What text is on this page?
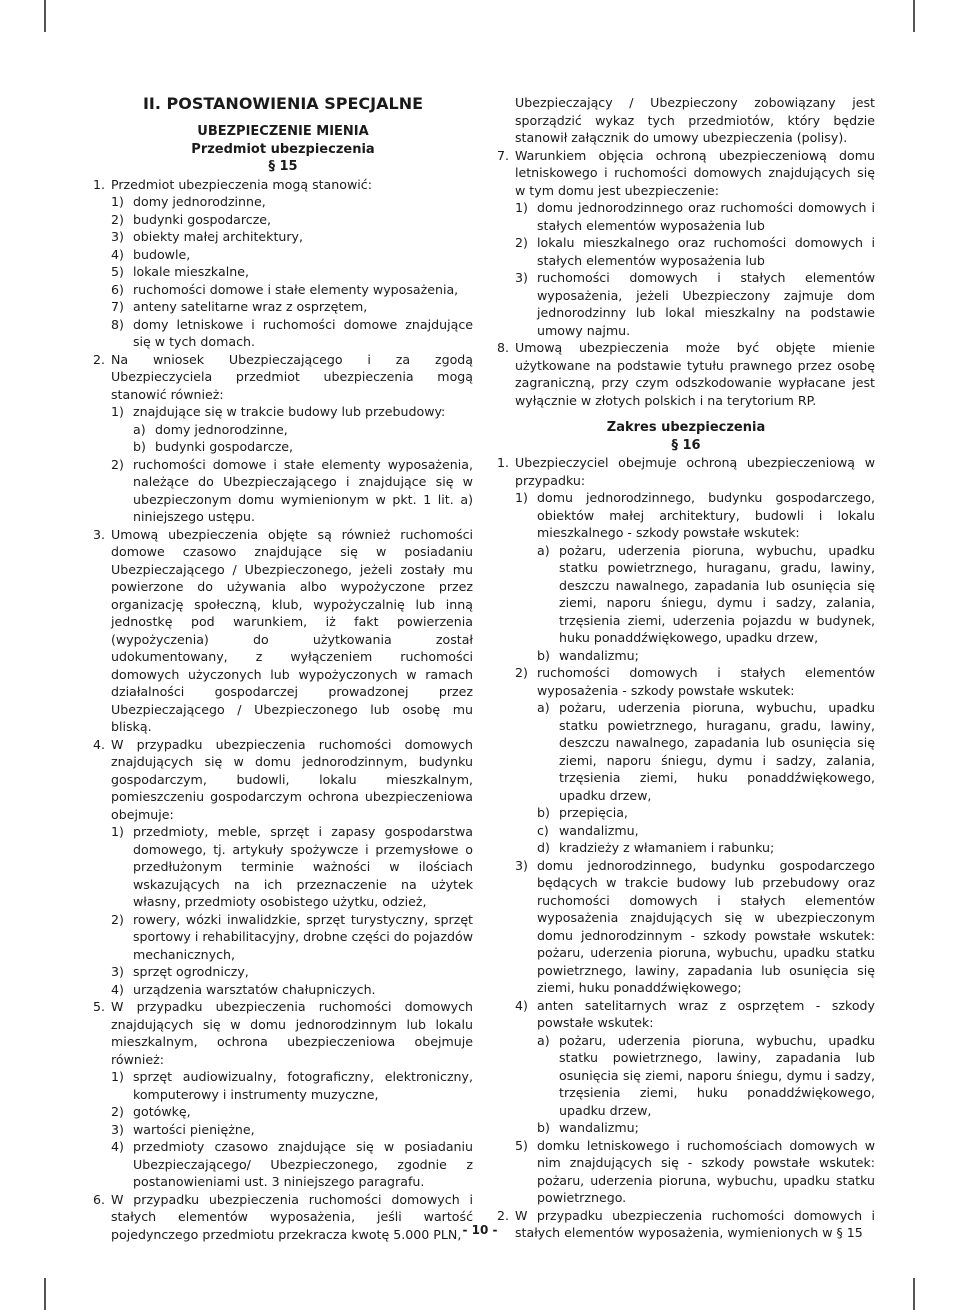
II. POSTANOWIENIA SPECJALNE
UBEZPIECZENIE MIENIA
Przedmiot ubezpieczenia
§ 15
1. Przedmiot ubezpieczenia mogą stanowić:
1) domy jednorodzinne,
2) budynki gospodarcze,
3) obiekty małej architektury,
4) budowle,
5) lokale mieszkalne,
6) ruchomości domowe i stałe elementy wyposażenia,
7) anteny satelitarne wraz z osprzętem,
8) domy letniskowe i ruchomości domowe znajdujące się w tych domach.
2. Na wniosek Ubezpieczającego i za zgodą Ubezpieczyciela przedmiot ubezpieczenia mogą stanowić również:
1) znajdujące się w trakcie budowy lub przebudowy:
a) domy jednorodzinne,
b) budynki gospodarcze,
2) ruchomości domowe i stałe elementy wyposażenia, należące do Ubezpieczającego i znajdujące się w ubezpieczonym domu wymienionym w pkt. 1 lit. a) niniejszego ustępu.
3. Umową ubezpieczenia objęte są również ruchomości domowe czasowo znajdujące się w posiadaniu Ubezpieczającego / Ubezpieczonego, jeżeli zostały mu powierzone do używania albo wypożyczone przez organizację społeczną, klub, wypożyczalnię lub inną jednostkę pod warunkiem, iż fakt powierzenia (wypożyczenia) do użytkowania został udokumentowany, z wyłączeniem ruchomości domowych użyczonych lub wypożyczonych w ramach działalności gospodarczej prowadzonej przez Ubezpieczającego / Ubezpieczonego lub osobę mu bliską.
4. W przypadku ubezpieczenia ruchomości domowych znajdujących się w domu jednorodzinnym, budynku gospodarczym, budowli, lokalu mieszkalnym, pomieszczeniu gospodarczym ochrona ubezpieczeniowa obejmuje:
1) przedmioty, meble, sprzęt i zapasy gospodarstwa domowego, tj. artykuły spożywcze i przemysłowe o przedłużonym terminie ważności w ilościach wskazujących na ich przeznaczenie na użytek własny, przedmioty osobistego użytku, odzież,
2) rowery, wózki inwalidzkie, sprzęt turystyczny, sprzęt sportowy i rehabilitacyjny, drobne części do pojazdów mechanicznych,
3) sprzęt ogrodniczy,
4) urządzenia warsztatów chałupniczych.
5. W przypadku ubezpieczenia ruchomości domowych znajdujących się w domu jednorodzinnym lub lokalu mieszkalnym, ochrona ubezpieczeniowa obejmuje również:
1) sprzęt audiowizualny, fotograficzny, elektroniczny, komputerowy i instrumenty muzyczne,
2) gotówkę,
3) wartości pieniężne,
4) przedmioty czasowo znajdujące się w posiadaniu Ubezpieczającego/ Ubezpieczonego, zgodnie z postanowieniami ust. 3 niniejszego paragrafu.
6. W przypadku ubezpieczenia ruchomości domowych i stałych elementów wyposażenia, jeśli wartość pojedynczego przedmiotu przekracza kwotę 5.000 PLN,
Ubezpieczający / Ubezpieczony zobowiązany jest sporządzić wykaz tych przedmiotów, który będzie stanowił załącznik do umowy ubezpieczenia (polisy).
7. Warunkiem objęcia ochroną ubezpieczeniową domu letniskowego i ruchomości domowych znajdujących się w tym domu jest ubezpieczenie:
1) domu jednorodzinnego oraz ruchomości domowych i stałych elementów wyposażenia lub
2) lokalu mieszkalnego oraz ruchomości domowych i stałych elementów wyposażenia lub
3) ruchomości domowych i stałych elementów wyposażenia, jeżeli Ubezpieczony zajmuje dom jednorodzinny lub lokal mieszkalny na podstawie umowy najmu.
8. Umową ubezpieczenia może być objęte mienie użytkowane na podstawie tytułu prawnego przez osobę zagraniczną, przy czym odszkodowanie wypłacane jest wyłącznie w złotych polskich i na terytorium RP.
Zakres ubezpieczenia
§ 16
1. Ubezpieczyciel obejmuje ochroną ubezpieczeniową w przypadku:
1) domu jednorodzinnego, budynku gospodarczego, obiektów małej architektury, budowli i lokalu mieszkalnego - szkody powstałe wskutek:
a) pożaru, uderzenia pioruna, wybuchu, upadku statku powietrznego, huraganu, gradu, lawiny, deszczu nawalnego, zapadania lub osunięcia się ziemi, naporu śniegu, dymu i sadzy, zalania, trzęsienia ziemi, uderzenia pojazdu w budynek, huku ponaddźwiękowego, upadku drzew,
b) wandalizmu;
2) ruchomości domowych i stałych elementów wyposażenia - szkody powstałe wskutek:
a) pożaru, uderzenia pioruna, wybuchu, upadku statku powietrznego, huraganu, gradu, lawiny, deszczu nawalnego, zapadania lub osunięcia się ziemi, naporu śniegu, dymu i sadzy, zalania, trzęsienia ziemi, huku ponaddźwiękowego, upadku drzew,
b) przepięcia,
c) wandalizmu,
d) kradzieży z włamaniem i rabunku;
3) domu jednorodzinnego, budynku gospodarczego będących w trakcie budowy lub przebudowy oraz ruchomości domowych i stałych elementów wyposażenia znajdujących się w ubezpieczonym domu jednorodzinnym - szkody powstałe wskutek: pożaru, uderzenia pioruna, wybuchu, upadku statku powietrznego, lawiny, zapadania lub osunięcia się ziemi, huku ponaddźwiękowego;
4) anten satelitarnych wraz z osprzętem - szkody powstałe wskutek:
a) pożaru, uderzenia pioruna, wybuchu, upadku statku powietrznego, lawiny, zapadania lub osunięcia się ziemi, naporu śniegu, dymu i sadzy, trzęsienia ziemi, huku ponaddźwiękowego, upadku drzew,
b) wandalizmu;
5) domku letniskowego i ruchomościach domowych w nim znajdujących się - szkody powstałe wskutek: pożaru, uderzenia pioruna, wybuchu, upadku statku powietrznego.
2. W przypadku ubezpieczenia ruchomości domowych i stałych elementów wyposażenia, wymienionych w § 15
- 10 -
